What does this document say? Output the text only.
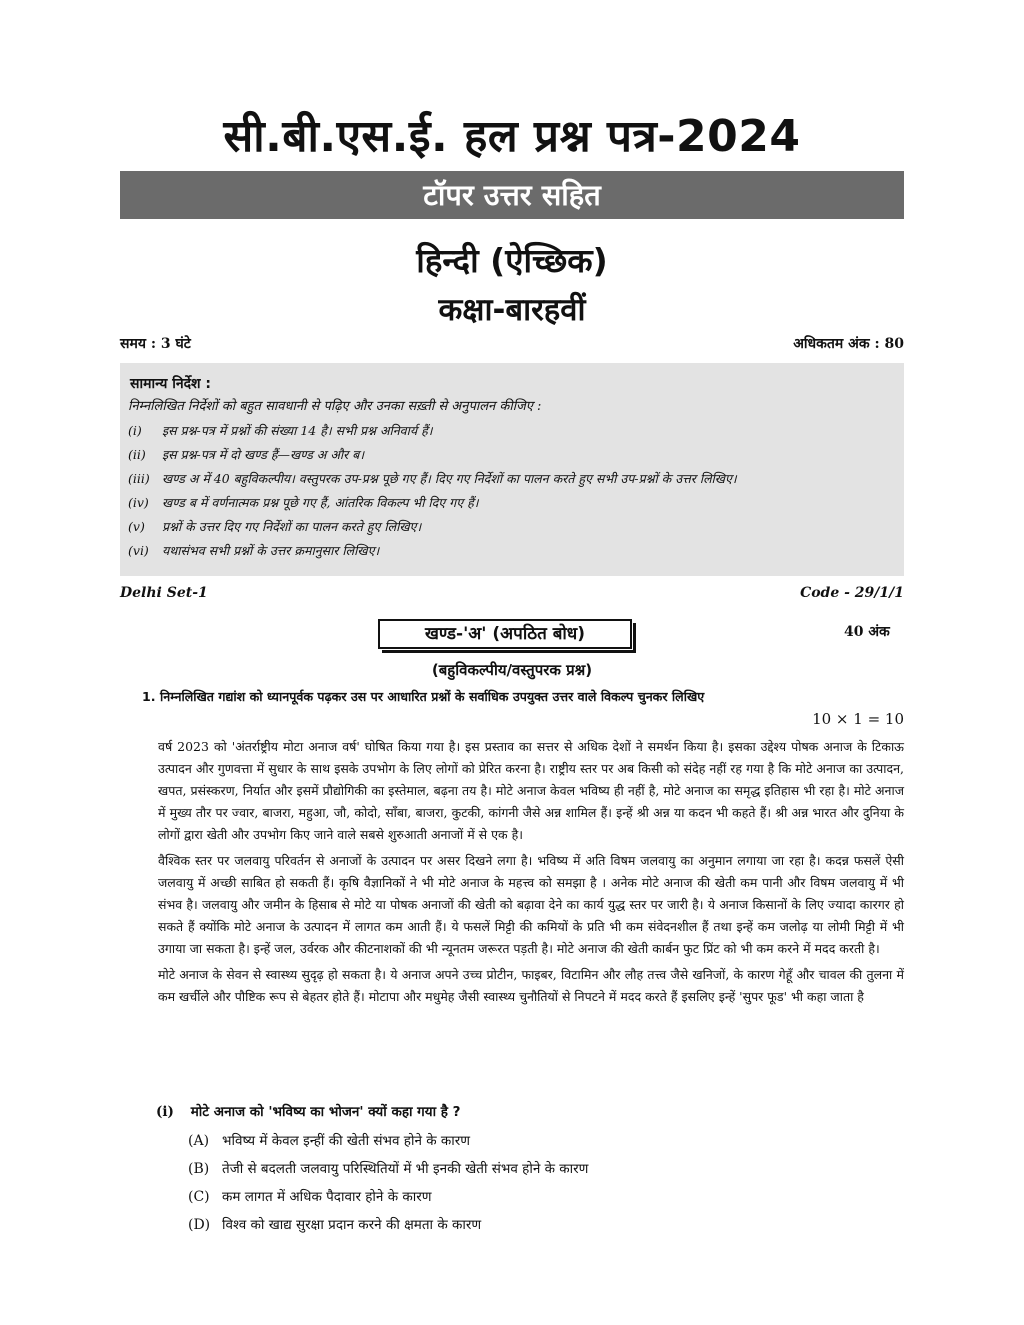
सी.बी.एस.ई. हल प्रश्न पत्र-2024
टॉपर उत्तर सहित
हिन्दी (ऐच्छिक)
कक्षा-बारहवीं
समय : 3 घंटे	अधिकतम अंक : 80
सामान्य निर्देश :
निम्नलिखित निर्देशों को बहुत सावधानी से पढ़िए और उनका सख़्ती से अनुपालन कीजिए :
(i)	इस प्रश्न-पत्र में प्रश्नों की संख्या 14 है। सभी प्रश्न अनिवार्य हैं।
(ii)	इस प्रश्न-पत्र में दो खण्ड हैं—खण्ड अ और ब।
(iii) खण्ड अ में 40 बहुविकल्पीय। वस्तुपरक उप-प्रश्न पूछे गए हैं। दिए गए निर्देशों का पालन करते हुए सभी उप-प्रश्नों के उत्तर लिखिए।
(iv)	खण्ड ब में वर्णनात्मक प्रश्न पूछे गए हैं, आंतरिक विकल्प भी दिए गए हैं।
(v)	प्रश्नों के उत्तर दिए गए निर्देशों का पालन करते हुए लिखिए।
(vi)	यथासंभव सभी प्रश्नों के उत्तर क्रमानुसार लिखिए।
Delhi Set-1	Code - 29/1/1
खण्ड-'अ' (अपठित बोध)	40 अंक
(बहुविकल्पीय/वस्तुपरक प्रश्न)
1. निम्नलिखित गद्यांश को ध्यानपूर्वक पढ़कर उस पर आधारित प्रश्नों के सर्वाधिक उपयुक्त उत्तर वाले विकल्प चुनकर लिखिए
10 × 1 = 10

वर्ष 2023 को 'अंतर्राष्ट्रीय मोटा अनाज वर्ष' घोषित किया गया है। इस प्रस्ताव का सत्तर से अधिक देशों ने समर्थन किया है। इसका उद्देश्य पोषक अनाज के टिकाऊ उत्पादन और गुणवत्ता में सुधार के साथ इसके उपभोग के लिए लोगों को प्रेरित करना है। राष्ट्रीय स्तर पर अब किसी को संदेह नहीं रह गया है कि मोटे अनाज का उत्पादन, खपत, प्रसंस्करण, निर्यात और इसमें प्रौद्योगिकी का इस्तेमाल, बढ़ना तय है। मोटे अनाज केवल भविष्य ही नहीं है, मोटे अनाज का समृद्ध इतिहास भी रहा है। मोटे अनाज में मुख्य तौर पर ज्वार, बाजरा, महुआ, जौ, कोदो, साँबा, बाजरा, कुटकी, कांगनी जैसे अन्न शामिल हैं। इन्हें श्री अन्न या कदन भी कहते हैं। श्री अन्न भारत और दुनिया के लोगों द्वारा खेती और उपभोग किए जाने वाले सबसे शुरुआती अनाजों में से एक है।

वैश्विक स्तर पर जलवायु परिवर्तन से अनाजों के उत्पादन पर असर दिखने लगा है। भविष्य में अति विषम जलवायु का अनुमान लगाया जा रहा है। कदन्न फसलें ऐसी जलवायु में अच्छी साबित हो सकती हैं। कृषि वैज्ञानिकों ने भी मोटे अनाज के महत्त्व को समझा है । अनेक मोटे अनाज की खेती कम पानी और विषम जलवायु में भी संभव है। जलवायु और जमीन के हिसाब से मोटे या पोषक अनाजों की खेती को बढ़ावा देने का कार्य युद्ध स्तर पर जारी है। ये अनाज किसानों के लिए ज्यादा कारगर हो सकते हैं क्योंकि मोटे अनाज के उत्पादन में लागत कम आती हैं। ये फसलें मिट्टी की कमियों के प्रति भी कम संवेदनशील हैं तथा इन्हें कम जलोढ़ या लोमी मिट्टी में भी उगाया जा सकता है। इन्हें जल, उर्वरक और कीटनाशकों की भी न्यूनतम जरूरत पड़ती है। मोटे अनाज की खेती कार्बन फुट प्रिंट को भी कम करने में मदद करती है।

मोटे अनाज के सेवन से स्वास्थ्य सुदृढ़ हो सकता है। ये अनाज अपने उच्च प्रोटीन, फाइबर, विटामिन और लौह तत्त्व जैसे खनिजों, के कारण गेहूँ और चावल की तुलना में कम खर्चीले और पौष्टिक रूप से बेहतर होते हैं। मोटापा और मधुमेह जैसी स्वास्थ्य चुनौतियों से निपटने में मदद करते हैं इसलिए इन्हें 'सुपर फूड' भी कहा जाता है

(i) मोटे अनाज को 'भविष्य का भोजन' क्यों कहा गया है ?
(A) भविष्य में केवल इन्हीं की खेती संभव होने के कारण
(B) तेजी से बदलती जलवायु परिस्थितियों में भी इनकी खेती संभव होने के कारण
(C) कम लागत में अधिक पैदावार होने के कारण
(D) विश्व को खाद्य सुरक्षा प्रदान करने की क्षमता के कारण
